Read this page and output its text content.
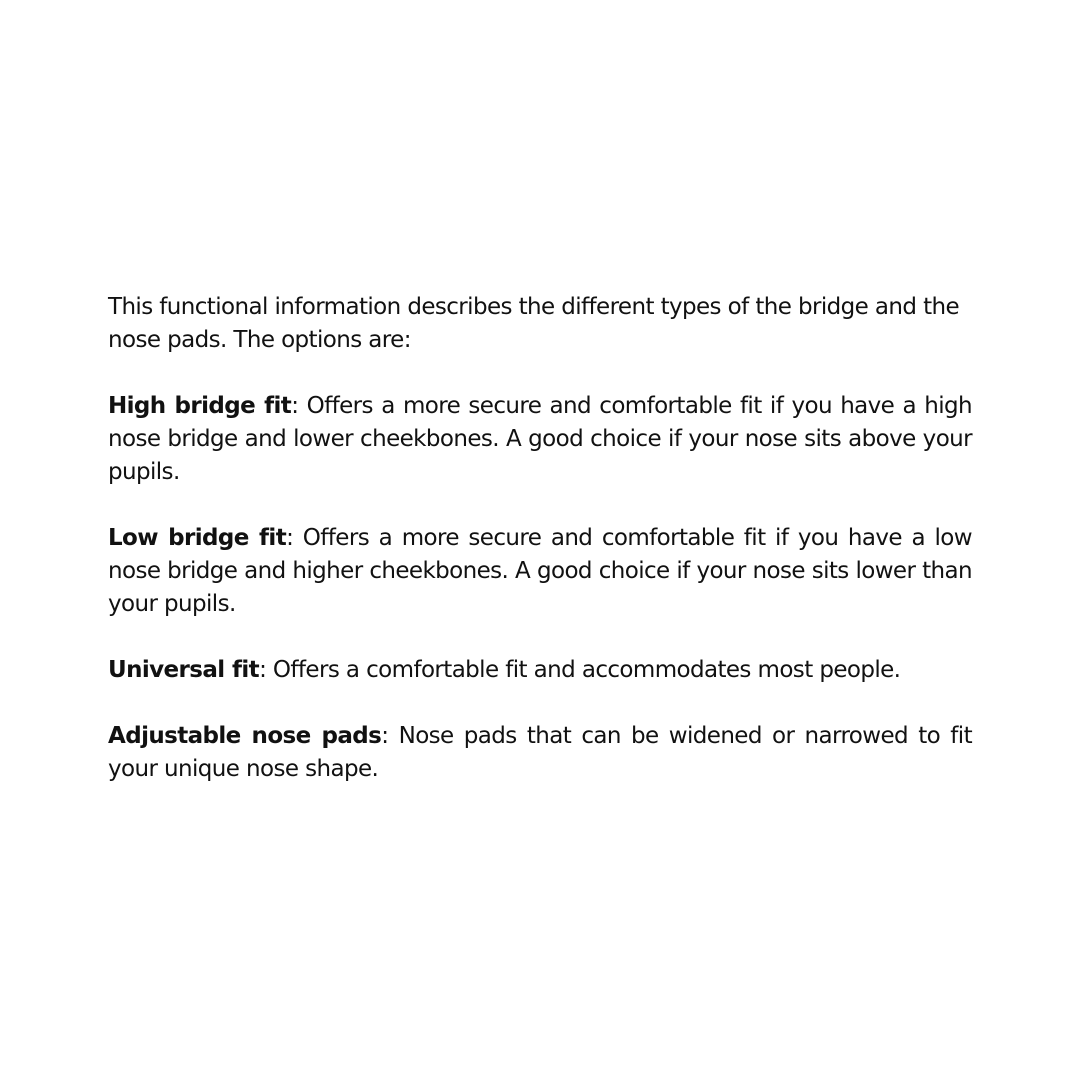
This functional information describes the different types of the bridge and the nose pads. The options are:

High bridge fit: Offers a more secure and comfortable fit if you have a high nose bridge and lower cheekbones. A good choice if your nose sits above your pupils.

Low bridge fit: Offers a more secure and comfortable fit if you have a low nose bridge and higher cheekbones. A good choice if your nose sits lower than your pupils.

Universal fit: Offers a comfortable fit and accommodates most people.

Adjustable nose pads: Nose pads that can be widened or narrowed to fit your unique nose shape.
